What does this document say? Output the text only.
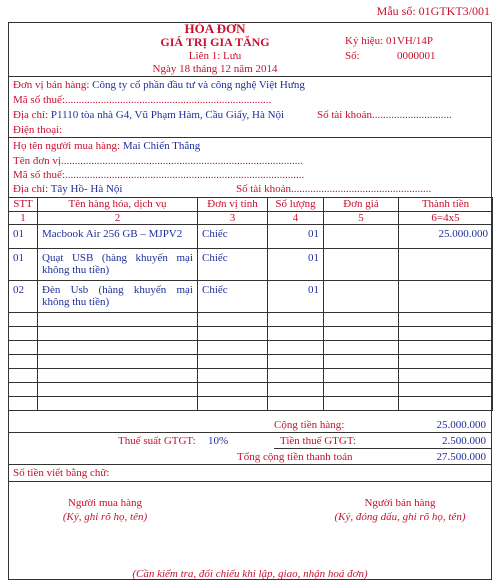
Mẫu số: 01GTKT3/001
HÓA ĐƠN
GIÁ TRỊ GIA TĂNG
Liên 1: Lưu
Ngày 18 tháng 12 năm 2014
Ký hiệu: 01VH/14P
Số:	0000001
Đơn vị bán hàng: Công ty cổ phần đầu tư và công nghệ Việt Hưng
Mã số thuế:...........................................................................
Địa chỉ: P1110 tòa nhà G4, Vũ Phạm Hàm, Cầu Giấy, Hà Nội	Số tài khoản.............................
Điện thoại:
Họ tên người mua hàng: Mai Chiến Thắng
Tên đơn vị........................................................................................
Mã số thuế:.......................................................................................
Địa chỉ: Tây Hồ- Hà Nội	Số tài khoản...................................................
STT	Tên hàng hóa, dịch vụ	Đơn vị tính	Số lượng	Đơn giá	Thành tiền
1	2	3	4	5	6=4x5
01	Macbook Air 256 GB – MJPV2	Chiếc	01		25.000.000
01	Quạt USB (hàng khuyến mại không thu tiền)	Chiếc	01		
02	Đèn Usb (hàng khuyến mại không thu tiền)	Chiếc	01		

Cộng tiền hàng:	25.000.000
Thuế suất GTGT: 10%	Tiền thuế GTGT:	2.500.000
Tổng cộng tiền thanh toán	27.500.000
Số tiền viết bằng chữ:
Người mua hàng
(Ký, ghi rõ họ, tên)
Người bán hàng
(Ký, đóng dấu, ghi rõ họ, tên)
(Cần kiểm tra, đối chiếu khi lập, giao, nhận hoá đơn)
